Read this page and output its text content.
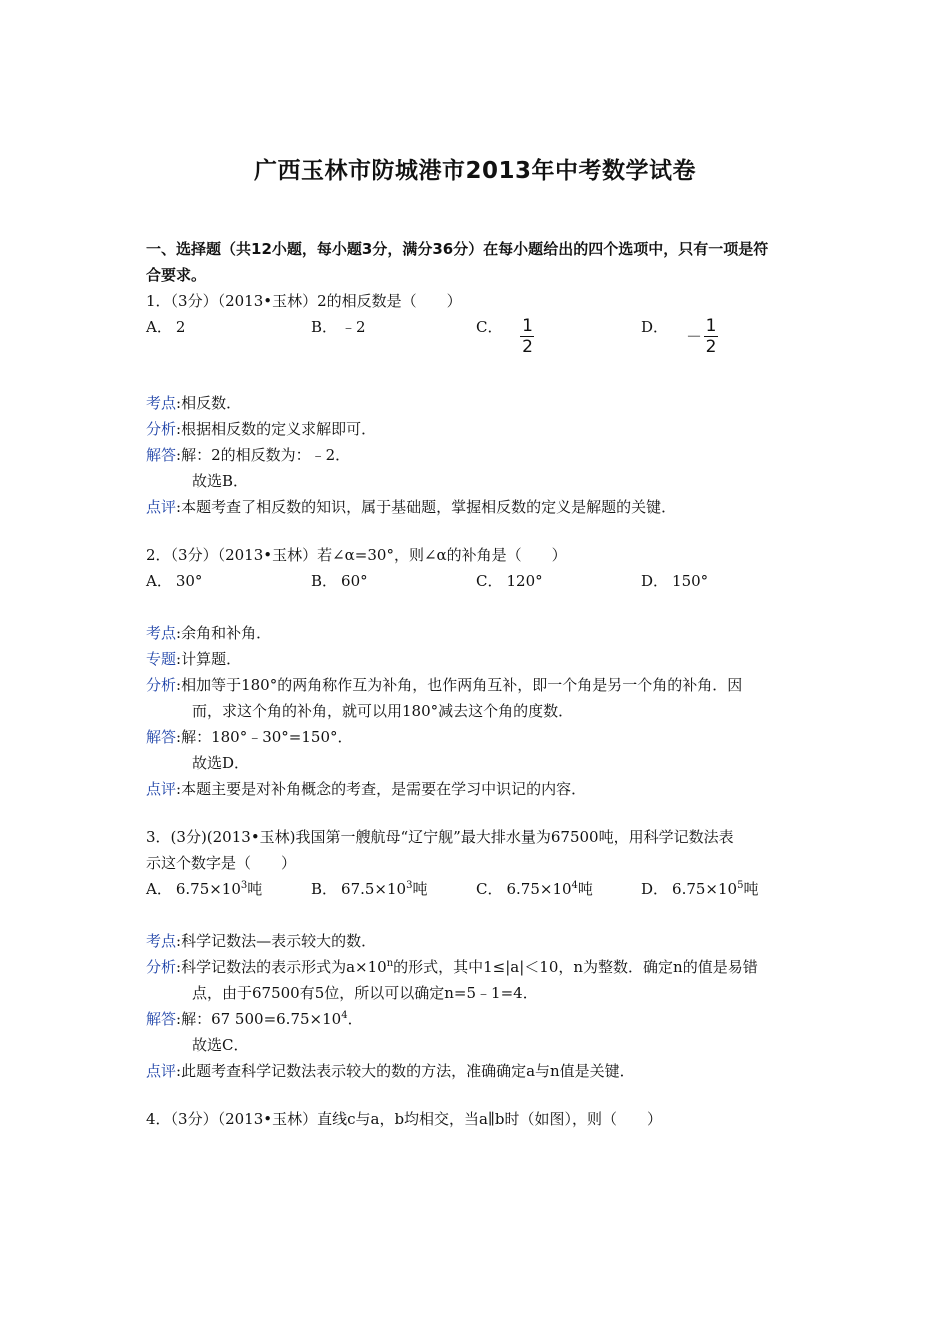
广西玉林市防城港市2013年中考数学试卷
一、选择题（共12小题，每小题3分，满分36分）在每小题给出的四个选项中，只有一项是符
合要求。
1．（3分）（2013•玉林）2的相反数是（　　）
A． 2	B． ﹣2	C． $\frac{1}{2}$	D． － $\frac{1}{2}$
考点 : 相反数．
分析 : 根据相反数的定义求解即可．
解答 : 解：2的相反数为：﹣2．
故选B．
点评 : 本题考查了相反数的知识，属于基础题，掌握相反数的定义是解题的关键．
2．（3分）（2013•玉林）若∠α=30°，则∠α的补角是（　　）
A． 30°	B． 60°	C． 120°	D． 150°
考点 : 余角和补角．
专题 : 计算题．
分析 : 相加等于180°的两角称作互为补角，也作两角互补，即一个角是另一个角的补角．因
而，求这个角的补角，就可以用180°减去这个角的度数．
解答 : 解：180°﹣30°=150°．
故选D．
点评 : 本题主要是对补角概念的考查，是需要在学习中识记的内容．
3．(3分)(2013•玉林)我国第一艘航母“辽宁舰”最大排水量为67500吨，用科学记数法表
示这个数字是（　　）
A． $6.75\times 10^3$吨	B． $67.5\times 10^3$吨	C． $6.75\times 10^4$吨	D． $6.75\times 10^5$吨
考点 : 科学记数法—表示较大的数．
分析 : 科学记数法的表示形式为$a\times 10^n$的形式，其中1≤|a|＜10，n为整数．确定n的值是易错
点，由于67500有5位，所以可以确定n=5﹣1=4．
解答 : 解：67 $500=6.75\times 10^4$．
故选C．
点评 : 此题考查科学记数法表示较大的数的方法，准确确定a与n值是关键．
4．（3分）（2013•玉林）直线c与a，b均相交，当a∥b时（如图），则（　　）
